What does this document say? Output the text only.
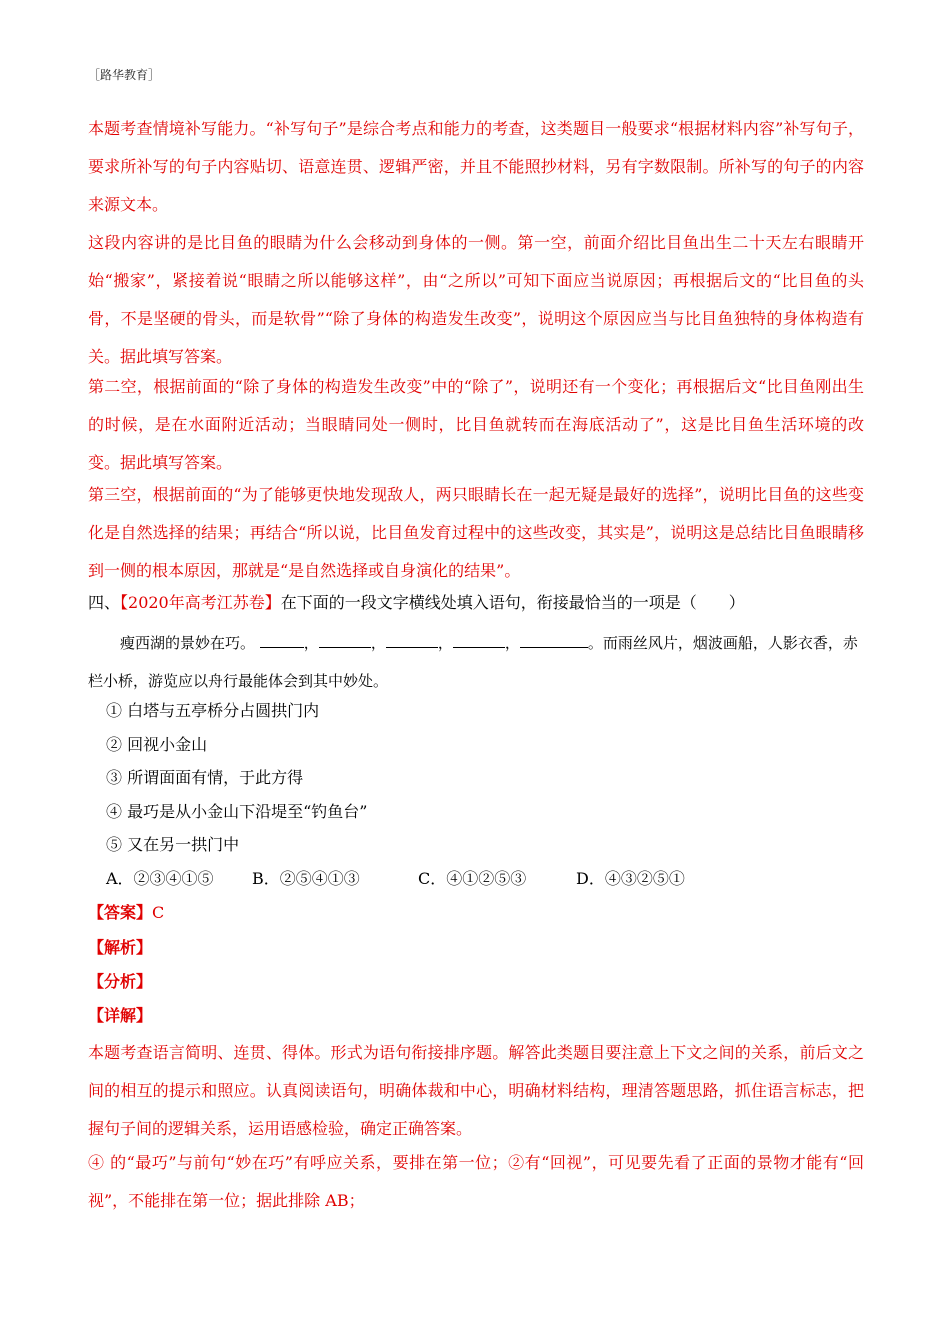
［路华教育］

本题考查情境补写能力。“补写句子”是综合考点和能力的考查，这类题目一般要求“根据材料内容”补写句子，要求所补写的句子内容贴切、语意连贯、逻辑严密，并且不能照抄材料，另有字数限制。所补写的句子的内容来源文本。

这段内容讲的是比目鱼的眼睛为什么会移动到身体的一侧。第一空，前面介绍比目鱼出生二十天左右眼睛开始“搬家”，紧接着说“眼睛之所以能够这样”，由“之所以”可知下面应当说原因；再根据后文的“比目鱼的头骨，不是坚硬的骨头，而是软骨”“除了身体的构造发生改变”，说明这个原因应当与比目鱼独特的身体构造有关。据此填写答案。

第二空，根据前面的“除了身体的构造发生改变”中的“除了”，说明还有一个变化；再根据后文“比目鱼刚出生的时候，是在水面附近活动；当眼睛同处一侧时，比目鱼就转而在海底活动了”，这是比目鱼生活环境的改变。据此填写答案。

第三空，根据前面的“为了能够更快地发现敌人，两只眼睛长在一起无疑是最好的选择”，说明比目鱼的这些变化是自然选择的结果；再结合“所以说，比目鱼发育过程中的这些改变，其实是”，说明这是总结比目鱼眼睛移到一侧的根本原因，那就是“是自然选择或自身演化的结果”。

四、【2020年高考江苏卷】在下面的一段文字横线处填入语句，衔接最恰当的一项是（　　）

瘦西湖的景妙在巧。	，	，	，	，	。而雨丝风片，烟波画船，人影衣香，赤栏小桥，游览应以舟行最能体会到其中妙处。

① 白塔与五亭桥分占圆拱门内
② 回视小金山
③ 所谓面面有情，于此方得
④ 最巧是从小金山下沿堤至“钓鱼台”
⑤ 又在另一拱门中
A．②③④①⑤ B．②⑤④①③	C．④①②⑤③	D．④③②⑤①
【答案】C
【解析】
【分析】
【详解】

本题考查语言简明、连贯、得体。形式为语句衔接排序题。解答此类题目要注意上下文之间的关系，前后文之间的相互的提示和照应。认真阅读语句，明确体裁和中心，明确材料结构，理清答题思路，抓住语言标志，把握句子间的逻辑关系，运用语感检验，确定正确答案。

④ 的“最巧”与前句“妙在巧”有呼应关系，要排在第一位；②有“回视”，可见要先看了正面的景物才能有“回视”，不能排在第一位；据此排除 AB；
